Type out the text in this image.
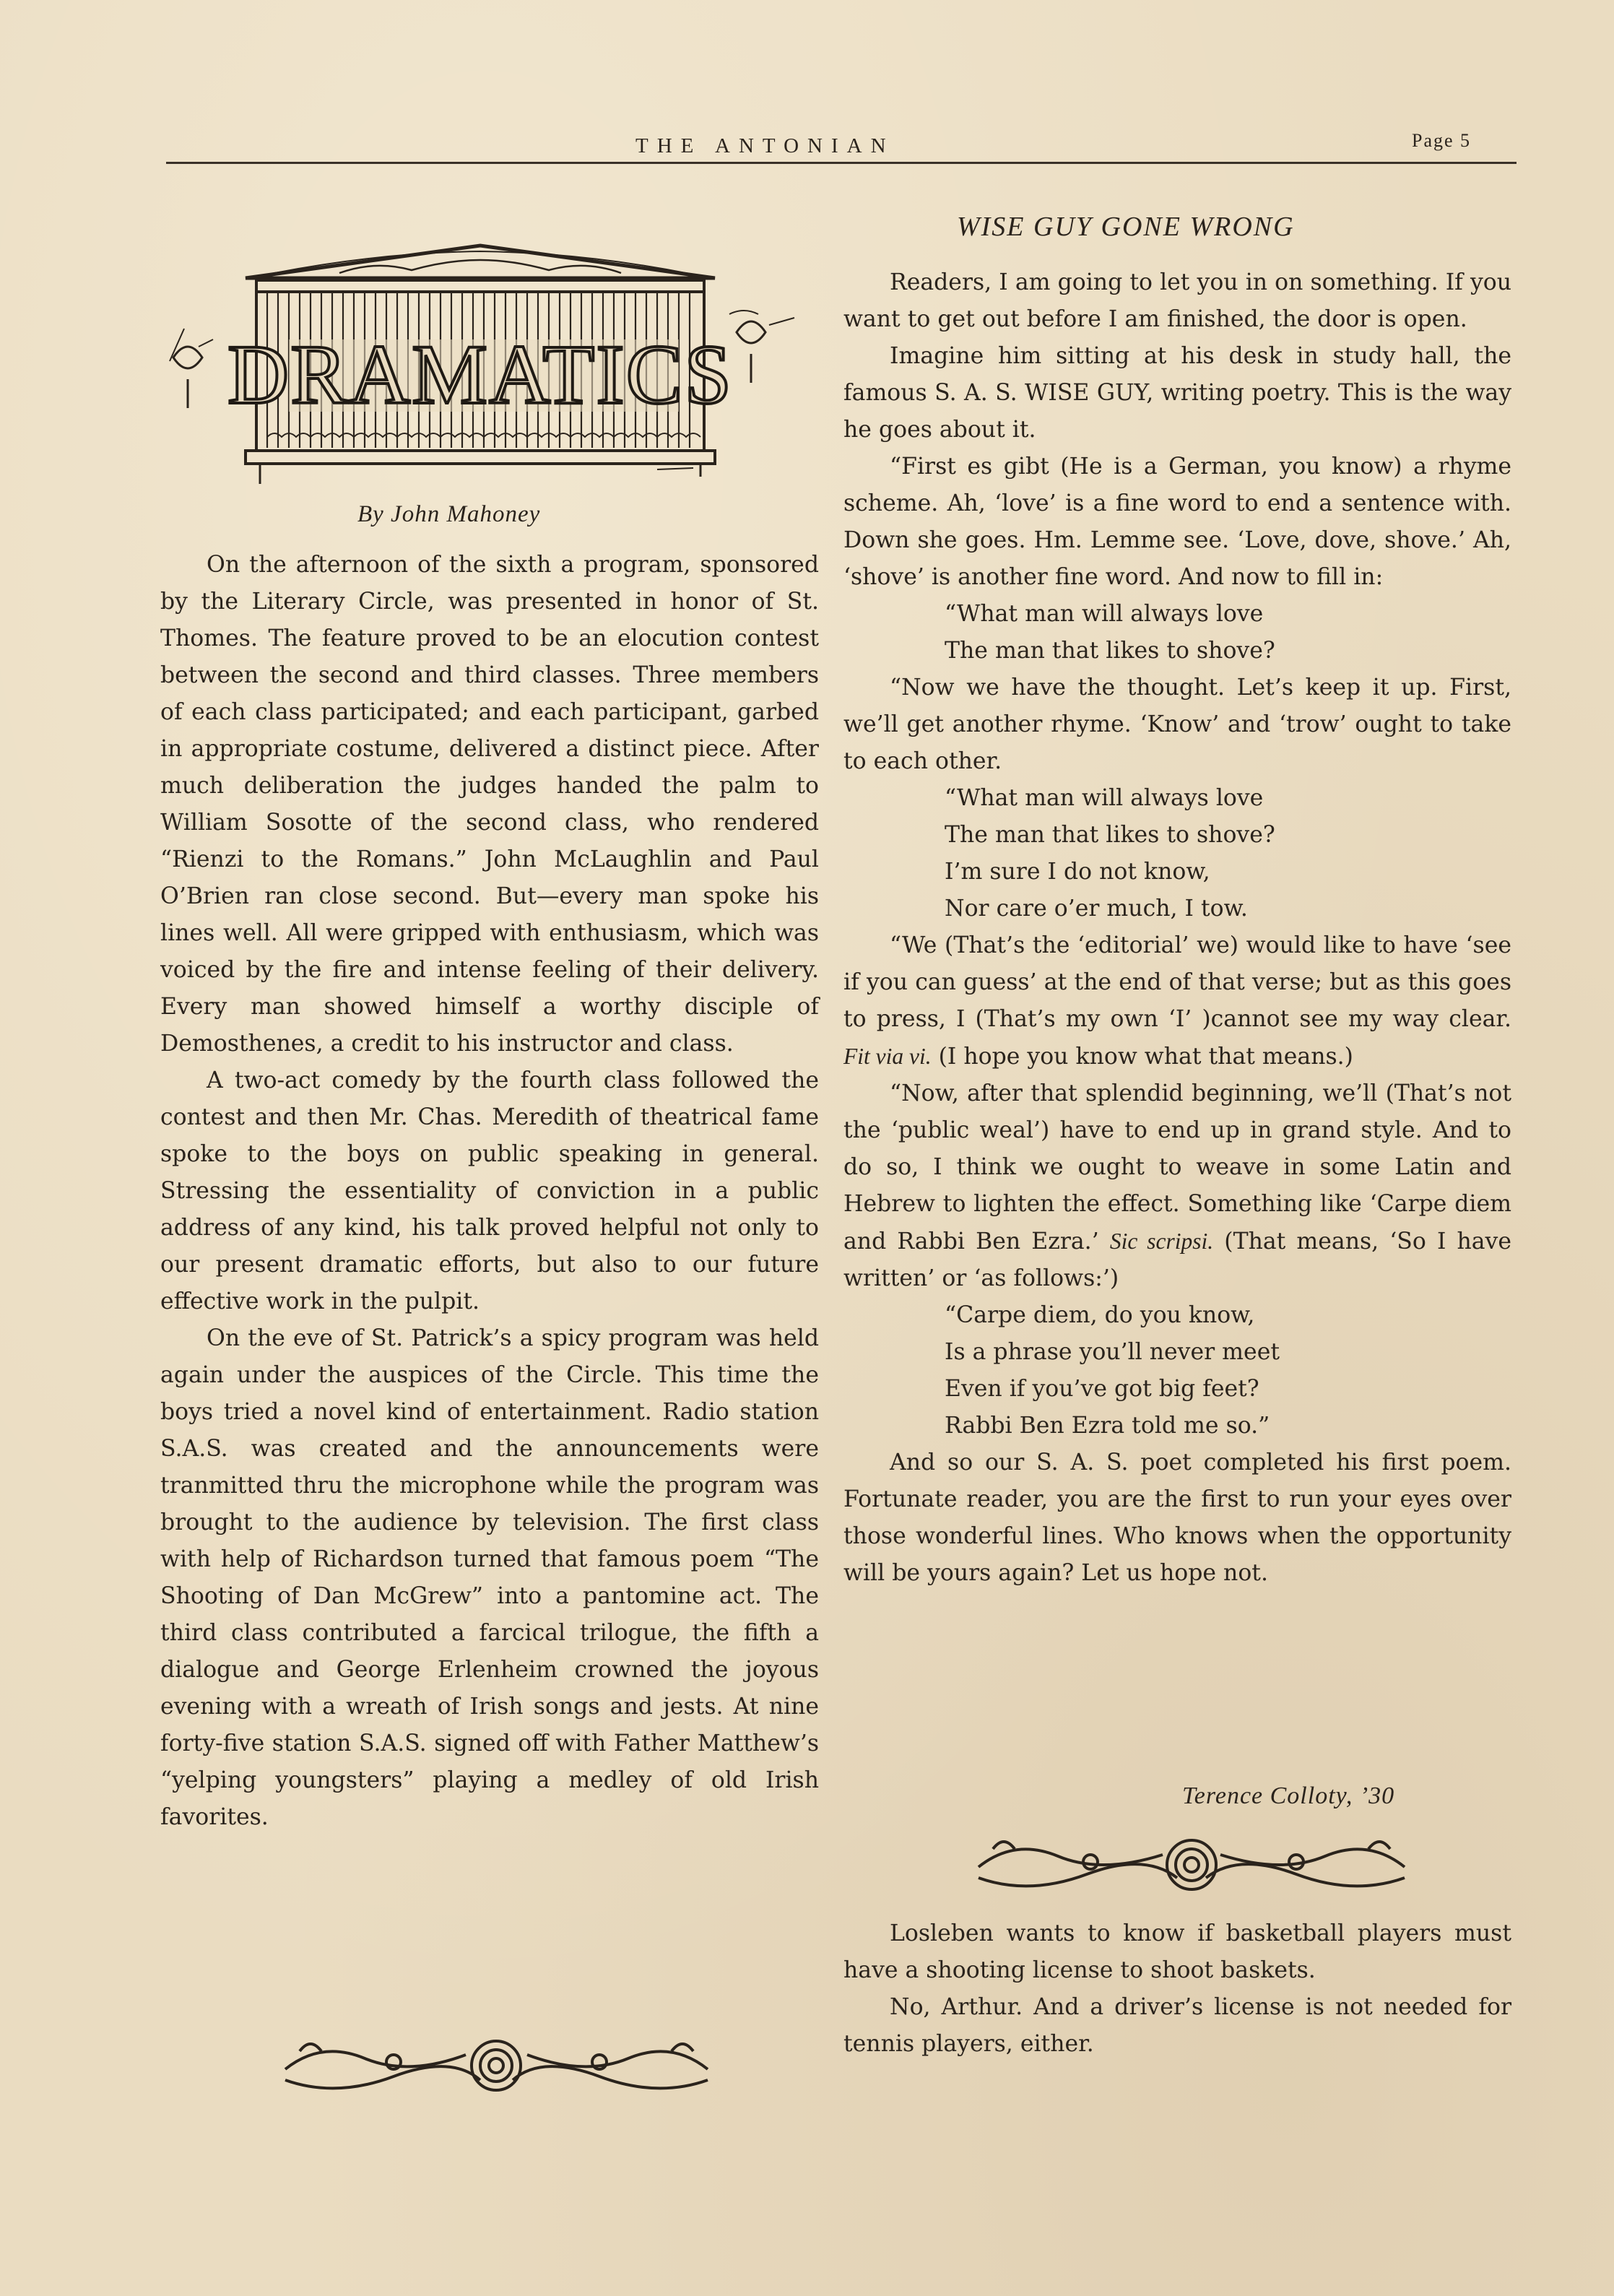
THE ANTONIAN	Page 5
DRAMATICS
By John Mahoney

On the afternoon of the sixth a program, sponsored by the Literary Circle, was presented in honor of St. Thomes. The feature proved to be an elocution contest between the second and third classes. Three members of each class participated; and each participant, garbed in appropriate costume, delivered a distinct piece. After much deliberation the judges handed the palm to William Sosotte of the second class, who rendered “Rienzi to the Romans.” John McLaughlin and Paul O’Brien ran close second. But—every man spoke his lines well. All were gripped with enthusiasm, which was voiced by the fire and intense feeling of their delivery. Every man showed himself a worthy disciple of Demosthenes, a credit to his instructor and class.

A two-act comedy by the fourth class followed the contest and then Mr. Chas. Meredith of theatrical fame spoke to the boys on public speaking in general. Stressing the essentiality of conviction in a public address of any kind, his talk proved helpful not only to our present dramatic efforts, but also to our future effective work in the pulpit.

On the eve of St. Patrick’s a spicy program was held again under the auspices of the Circle. This time the boys tried a novel kind of entertainment. Radio station S.A.S. was created and the announcements were tranmitted thru the microphone while the program was brought to the audience by television. The first class with help of Richardson turned that famous poem “The Shooting of Dan McGrew” into a pantomine act. The third class contributed a farcical trilogue, the fifth a dialogue and George Erlenheim crowned the joyous evening with a wreath of Irish songs and jests. At nine forty-five station S.A.S. signed off with Father Matthew’s “yelping youngsters” playing a medley of old Irish favorites.

WISE GUY GONE WRONG

Readers, I am going to let you in on something. If you want to get out before I am finished, the door is open.

Imagine him sitting at his desk in study hall, the famous S. A. S. WISE GUY, writing poetry. This is the way he goes about it.

“First es gibt (He is a German, you know) a rhyme scheme. Ah, ‘love’ is a fine word to end a sentence with. Down she goes. Hm. Lemme see. ‘Love, dove, shove.’ Ah, ‘shove’ is another fine word. And now to fill in:

“What man will always love

The man that likes to shove?

“Now we have the thought. Let’s keep it up. First, we’ll get another rhyme. ‘Know’ and ‘trow’ ought to take to each other.

“What man will always love

The man that likes to shove?

I’m sure I do not know,

Nor care o’er much, I tow.

“We (That’s the ‘editorial’ we) would like to have ‘see if you can guess’ at the end of that verse; but as this goes to press, I (That’s my own ‘I’ )cannot see my way clear. Fit via vi. (I hope you know what that means.)

“Now, after that splendid beginning, we’ll (That’s not the ‘public weal’) have to end up in grand style. And to do so, I think we ought to weave in some Latin and Hebrew to lighten the effect. Something like ‘Carpe diem and Rabbi Ben Ezra.’ Sic scripsi. (That means, ‘So I have written’ or ‘as follows:’)

“Carpe diem, do you know,

Is a phrase you’ll never meet

Even if you’ve got big feet?

Rabbi Ben Ezra told me so.”

And so our S. A. S. poet completed his first poem. Fortunate reader, you are the first to run your eyes over those wonderful lines. Who knows when the opportunity will be yours again? Let us hope not.

Terence Colloty, ’30

Losleben wants to know if basketball players must have a shooting license to shoot baskets.

No, Arthur. And a driver’s license is not needed for tennis players, either.
